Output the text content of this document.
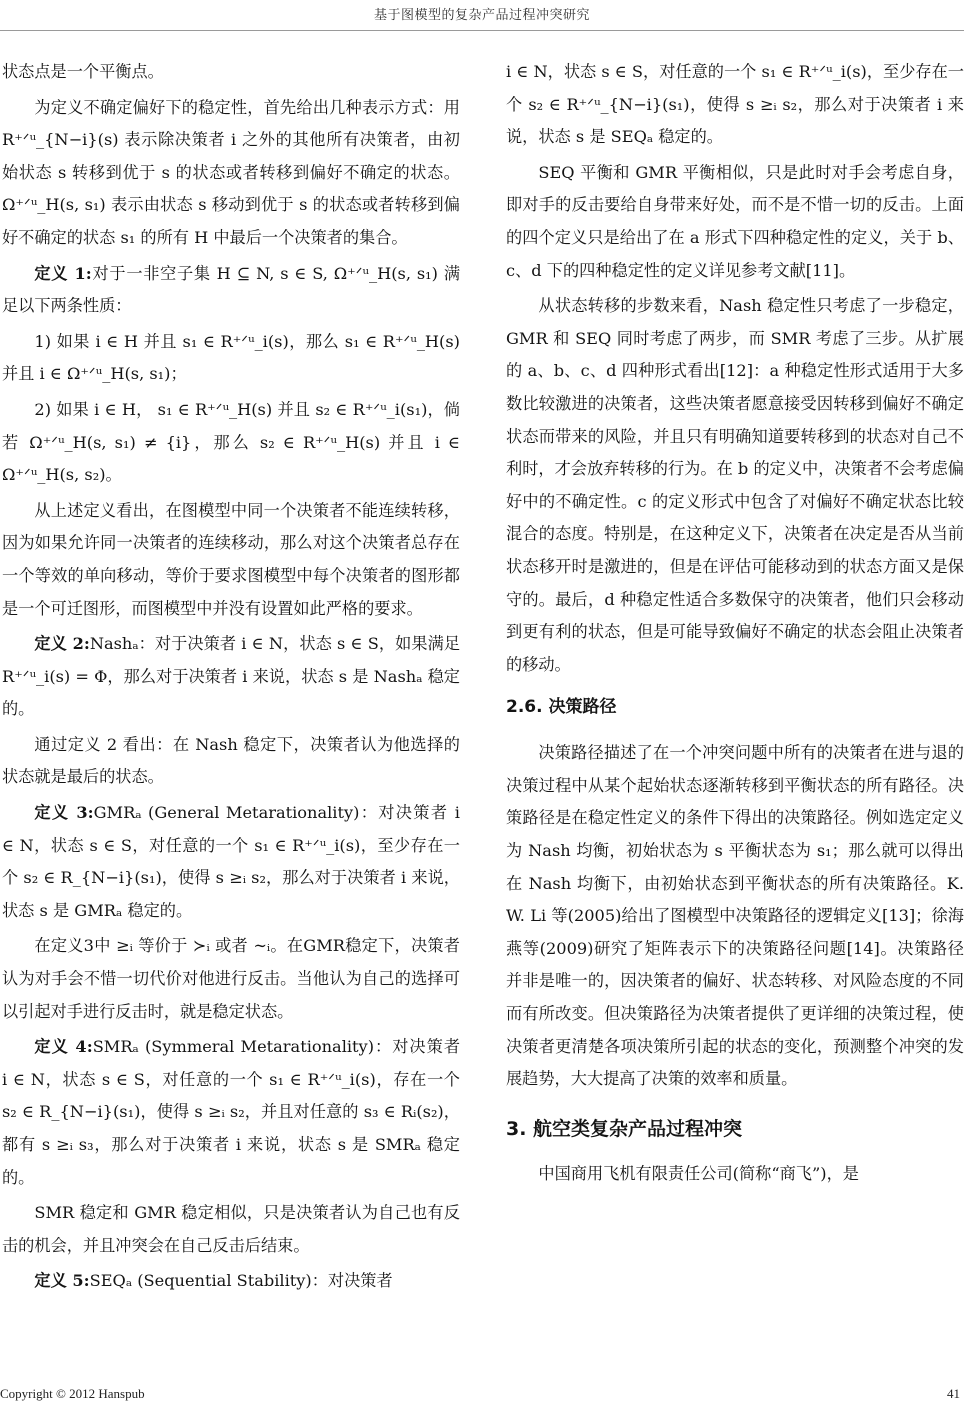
基于图模型的复杂产品过程冲突研究

状态点是一个平衡点。

为定义不确定偏好下的稳定性，首先给出几种表示方式：用 R⁺ᐟᵘ_{N−i}(s) 表示除决策者 i 之外的其他所有决策者，由初始状态 s 转移到优于 s 的状态或者转移到偏好不确定的状态。Ω⁺ᐟᵘ_H(s, s₁) 表示由状态 s 移动到优于 s 的状态或者转移到偏好不确定的状态 s₁ 的所有 H 中最后一个决策者的集合。

定义 1:对于一非空子集 H ⊆ N, s ∈ S, Ω⁺ᐟᵘ_H(s, s₁) 满足以下两条性质：

1) 如果 i ∈ H 并且 s₁ ∈ R⁺ᐟᵘ_i(s)，那么 s₁ ∈ R⁺ᐟᵘ_H(s) 并且 i ∈ Ω⁺ᐟᵘ_H(s, s₁)；

2) 如果 i ∈ H， s₁ ∈ R⁺ᐟᵘ_H(s) 并且 s₂ ∈ R⁺ᐟᵘ_i(s₁)，倘若 Ω⁺ᐟᵘ_H(s, s₁) ≠ {i}，那么 s₂ ∈ R⁺ᐟᵘ_H(s) 并且 i ∈ Ω⁺ᐟᵘ_H(s, s₂)。

从上述定义看出，在图模型中同一个决策者不能连续转移，因为如果允许同一决策者的连续移动，那么对这个决策者总存在一个等效的单向移动，等价于要求图模型中每个决策者的图形都是一个可迁图形，而图模型中并没有设置如此严格的要求。

定义 2:Nashₐ：对于决策者 i ∈ N，状态 s ∈ S，如果满足 R⁺ᐟᵘ_i(s) = Φ，那么对于决策者 i 来说，状态 s 是 Nashₐ 稳定的。

通过定义 2 看出：在 Nash 稳定下，决策者认为他选择的状态就是最后的状态。

定义 3:GMRₐ (General Metarationality)：对决策者 i ∈ N，状态 s ∈ S，对任意的一个 s₁ ∈ R⁺ᐟᵘ_i(s)，至少存在一个 s₂ ∈ R_{N−i}(s₁)，使得 s ≥ᵢ s₂，那么对于决策者 i 来说，状态 s 是 GMRₐ 稳定的。

在定义3中 ≥ᵢ 等价于 ≻ᵢ 或者 ∼ᵢ。在GMR稳定下，决策者认为对手会不惜一切代价对他进行反击。当他认为自己的选择可以引起对手进行反击时，就是稳定状态。

定义 4:SMRₐ (Symmeral Metarationality)：对决策者 i ∈ N，状态 s ∈ S，对任意的一个 s₁ ∈ R⁺ᐟᵘ_i(s)，存在一个 s₂ ∈ R_{N−i}(s₁)，使得 s ≥ᵢ s₂，并且对任意的 s₃ ∈ Rᵢ(s₂)，都有 s ≥ᵢ s₃，那么对于决策者 i 来说，状态 s 是 SMRₐ 稳定的。

SMR 稳定和 GMR 稳定相似，只是决策者认为自己也有反击的机会，并且冲突会在自己反击后结束。

定义 5:SEQₐ (Sequential Stability)：对决策者

i ∈ N，状态 s ∈ S，对任意的一个 s₁ ∈ R⁺ᐟᵘ_i(s)，至少存在一个 s₂ ∈ R⁺ᐟᵘ_{N−i}(s₁)，使得 s ≥ᵢ s₂，那么对于决策者 i 来说，状态 s 是 SEQₐ 稳定的。

SEQ 平衡和 GMR 平衡相似，只是此时对手会考虑自身，即对手的反击要给自身带来好处，而不是不惜一切的反击。上面的四个定义只是给出了在 a 形式下四种稳定性的定义，关于 b、c、d 下的四种稳定性的定义详见参考文献[11]。

从状态转移的步数来看，Nash 稳定性只考虑了一步稳定，GMR 和 SEQ 同时考虑了两步，而 SMR 考虑了三步。从扩展的 a、b、c、d 四种形式看出[12]：a 种稳定性形式适用于大多数比较激进的决策者，这些决策者愿意接受因转移到偏好不确定状态而带来的风险，并且只有明确知道要转移到的状态对自己不利时，才会放弃转移的行为。在 b 的定义中，决策者不会考虑偏好中的不确定性。c 的定义形式中包含了对偏好不确定状态比较混合的态度。特别是，在这种定义下，决策者在决定是否从当前状态移开时是激进的，但是在评估可能移动到的状态方面又是保守的。最后，d 种稳定性适合多数保守的决策者，他们只会移动到更有利的状态，但是可能导致偏好不确定的状态会阻止决策者的移动。

2.6. 决策路径

决策路径描述了在一个冲突问题中所有的决策者在进与退的决策过程中从某个起始状态逐渐转移到平衡状态的所有路径。决策路径是在稳定性定义的条件下得出的决策路径。例如选定定义为 Nash 均衡，初始状态为 s 平衡状态为 s₁；那么就可以得出在 Nash 均衡下，由初始状态到平衡状态的所有决策路径。K. W. Li 等(2005)给出了图模型中决策路径的逻辑定义[13]；徐海燕等(2009)研究了矩阵表示下的决策路径问题[14]。决策路径并非是唯一的，因决策者的偏好、状态转移、对风险态度的不同而有所改变。但决策路径为决策者提供了更详细的决策过程，使决策者更清楚各项决策所引起的状态的变化，预测整个冲突的发展趋势，大大提高了决策的效率和质量。

3. 航空类复杂产品过程冲突

中国商用飞机有限责任公司(简称“商飞”)，是

Copyright © 2012 Hanspub	41
